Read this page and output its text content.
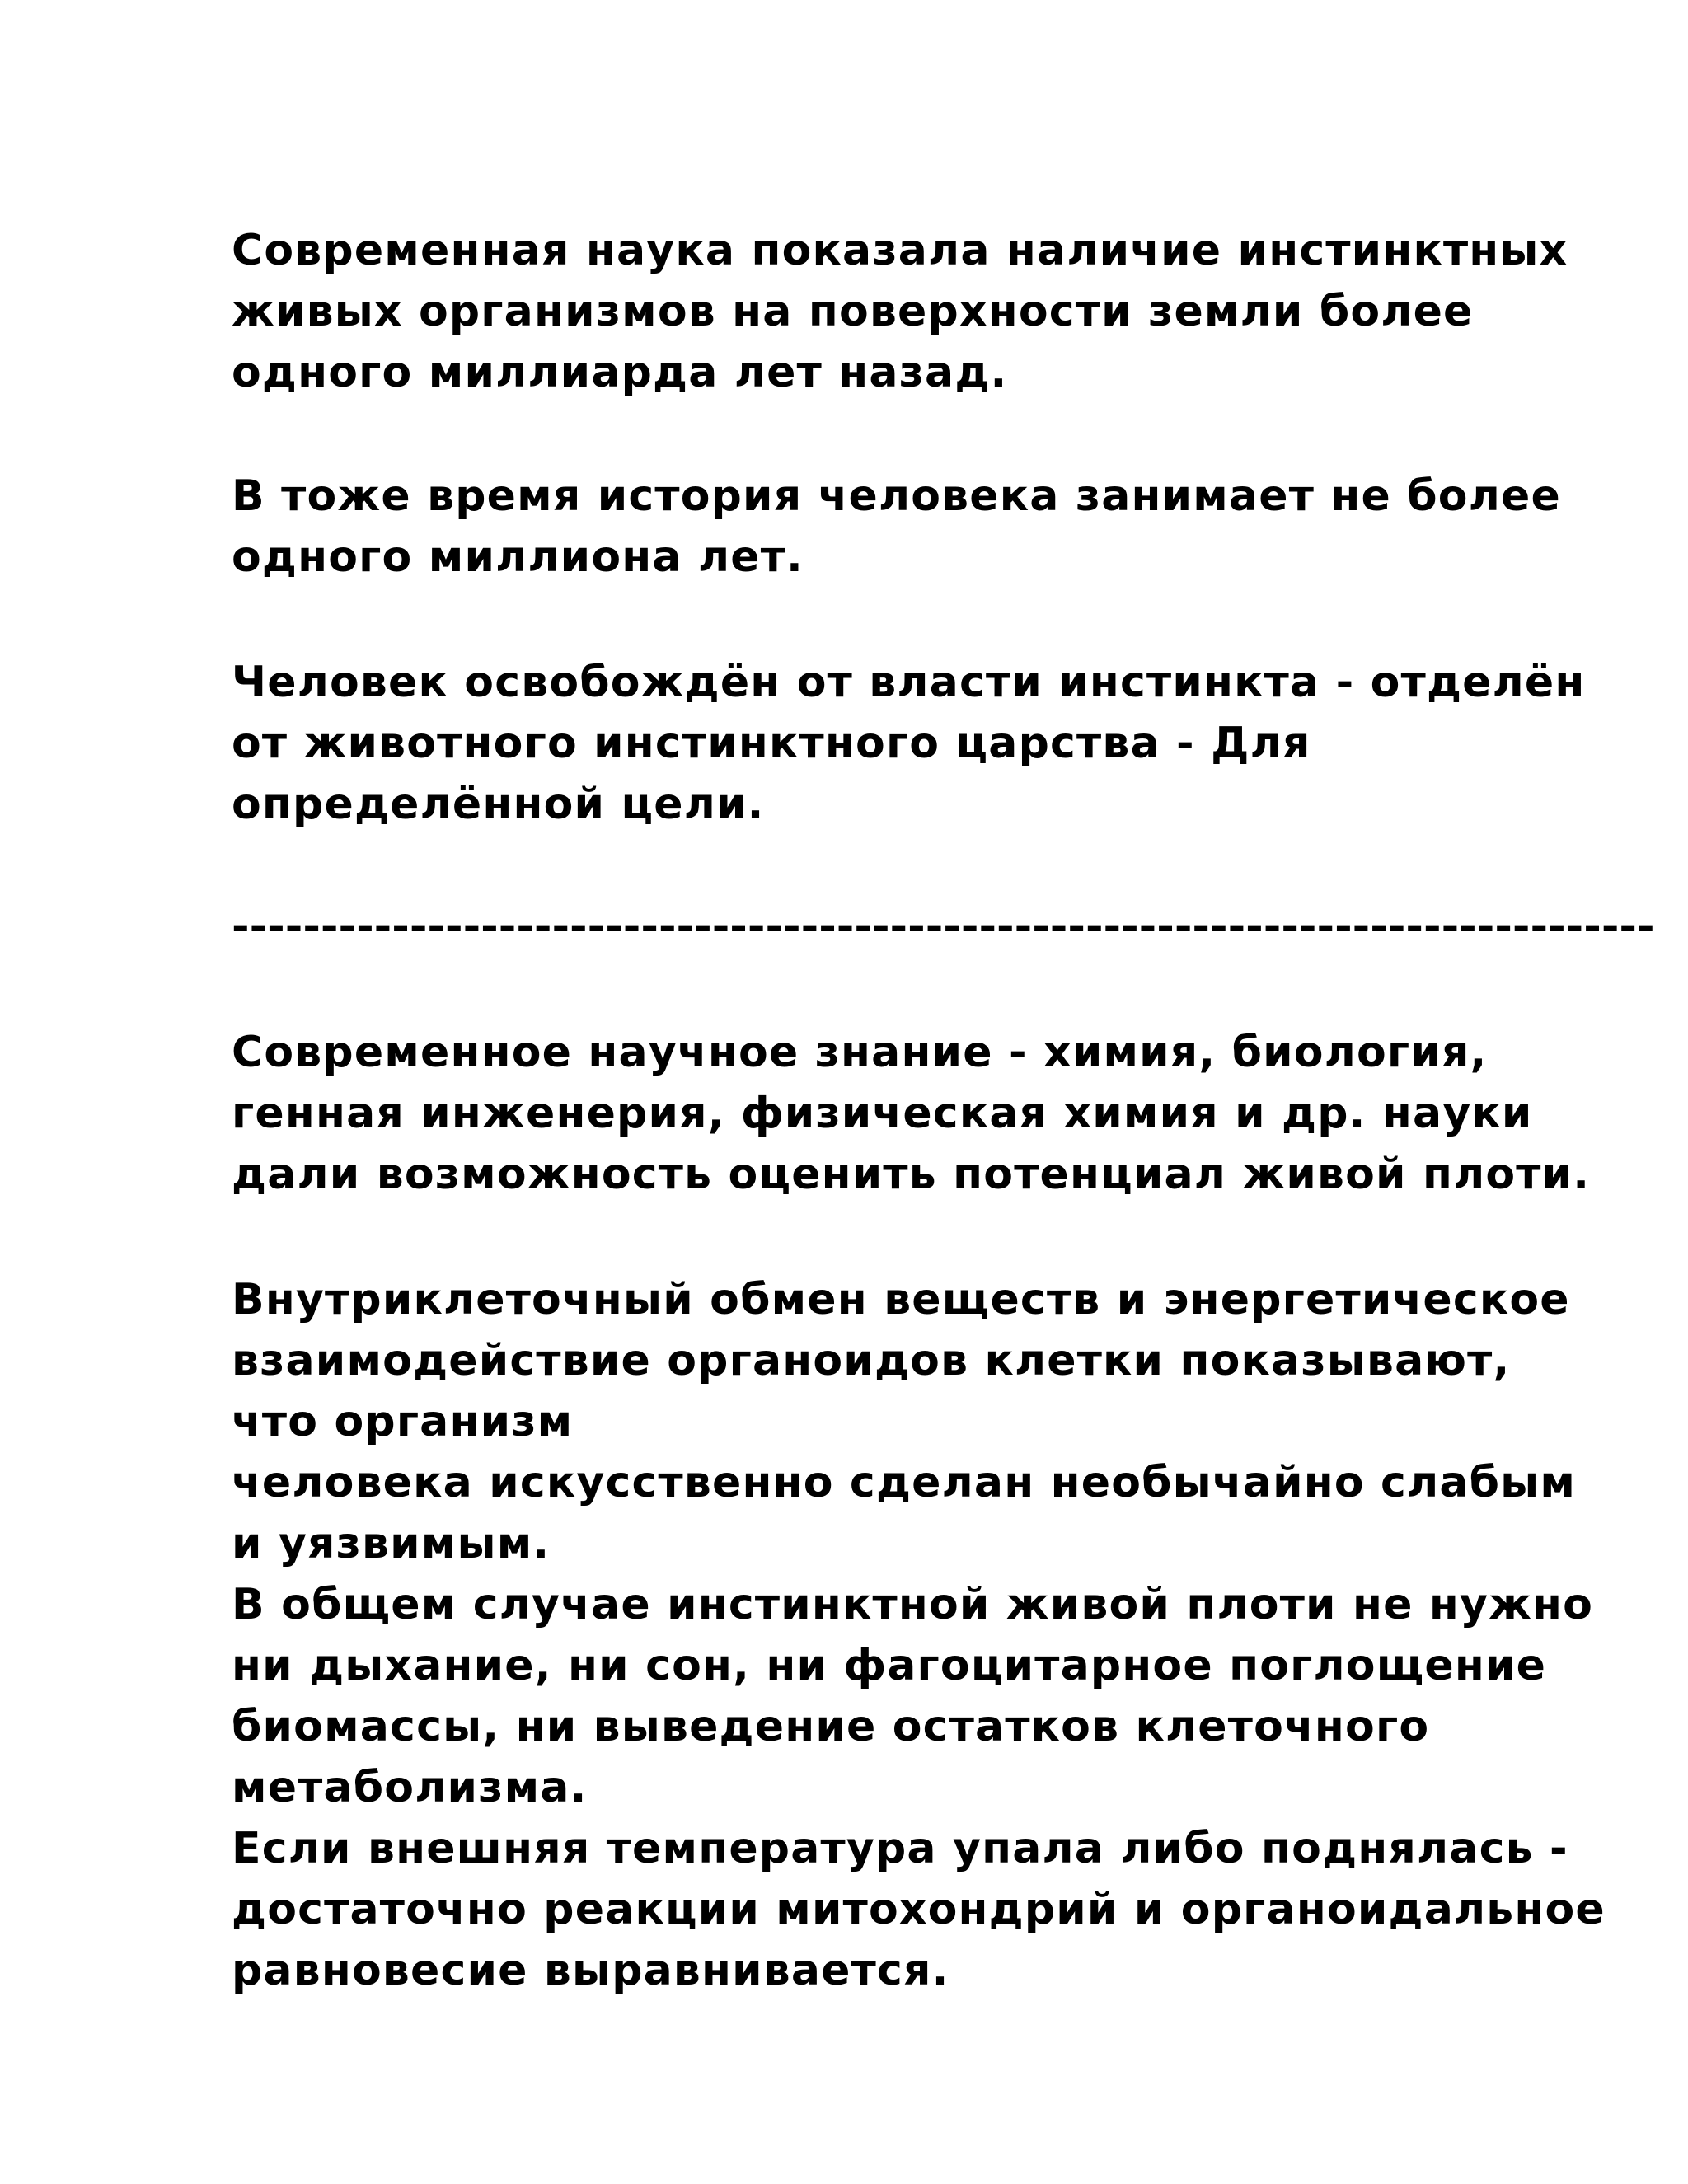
Современная наука показала наличие инстинктных
живых организмов на поверхности земли более
одного миллиарда лет назад.
В тоже время история человека занимает не более
одного миллиона лет.
Человек освобождён от власти инстинкта - отделён
от животного инстинктного царства - Для
определённой цели.
--------------------------------------------------------------------------------
Современное научное знание - химия, биология,
генная инженерия, физическая химия и др. науки
дали возможность оценить потенциал живой плоти.
Внутриклеточный обмен веществ и энергетическое
взаимодействие органоидов клетки показывают,
что организм
человека искусственно сделан необычайно слабым
и уязвимым.
В общем случае инстинктной живой плоти не нужно
ни дыхание, ни сон, ни фагоцитарное поглощение
биомассы, ни выведение остатков клеточного
метаболизма.
Если внешняя температура упала либо поднялась -
достаточно реакции митохондрий и органоидальное
равновесие выравнивается.
